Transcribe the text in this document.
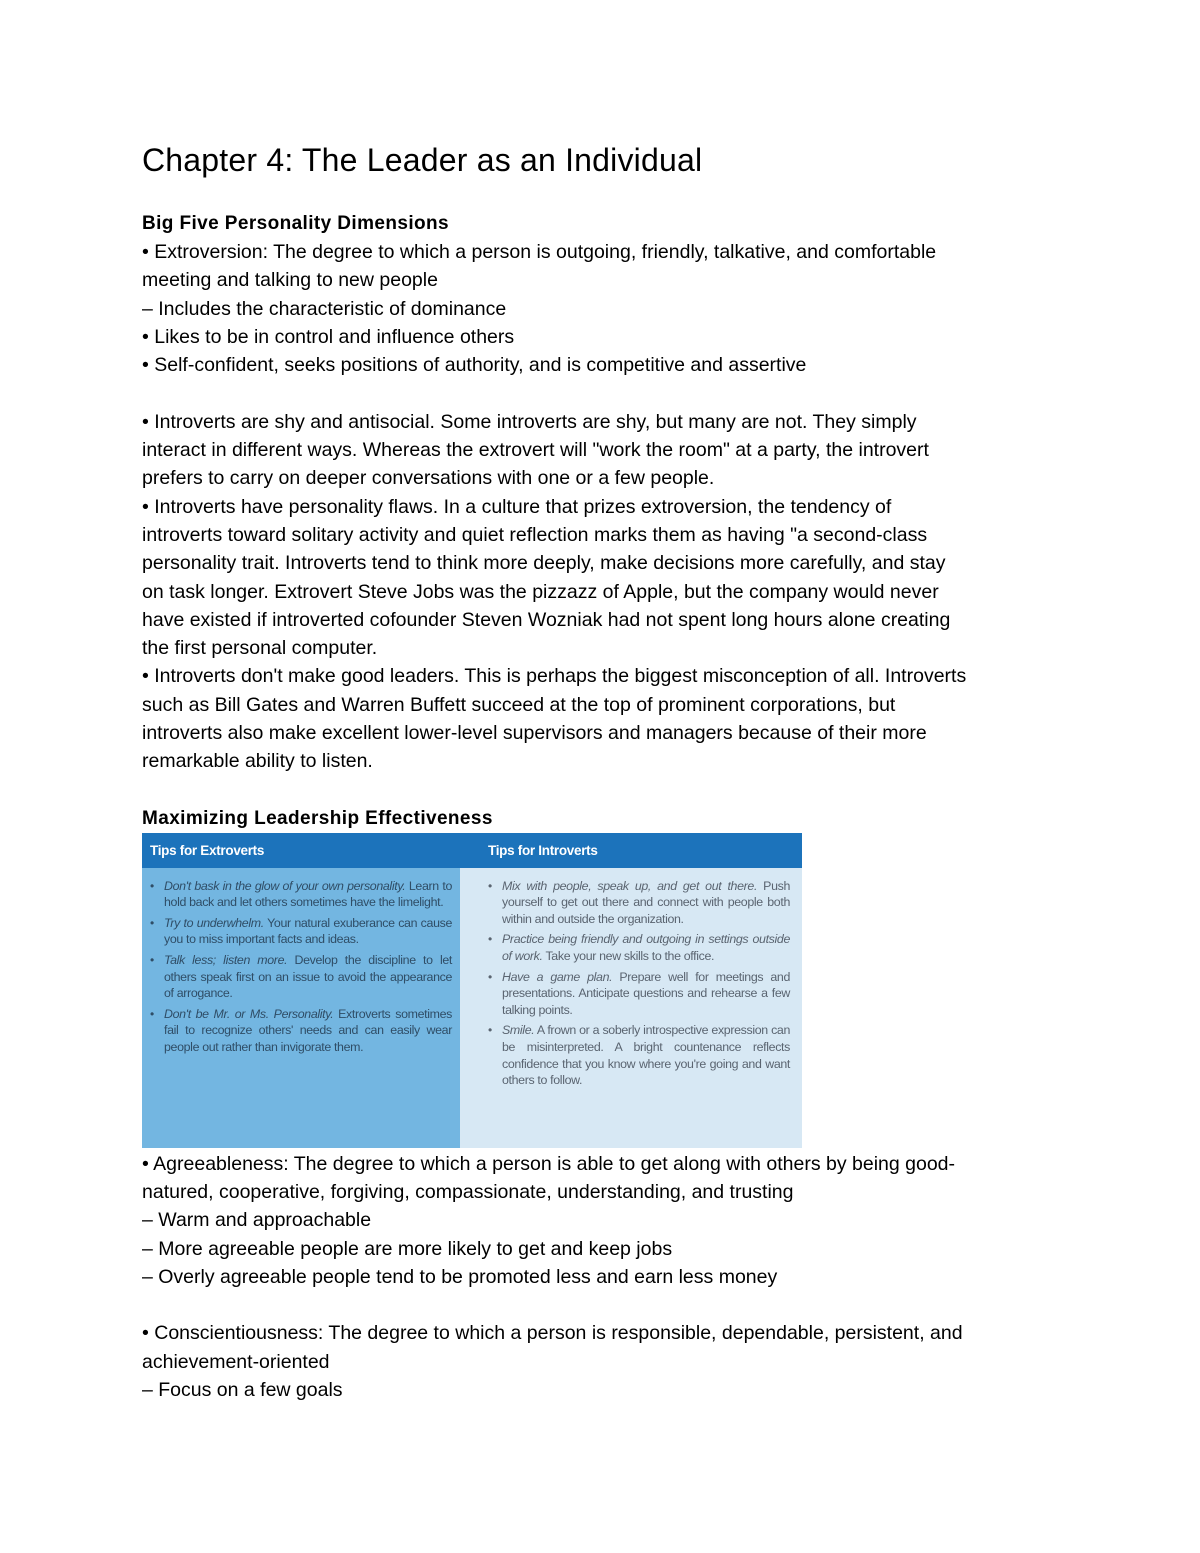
Chapter 4: The Leader as an Individual
Big Five Personality Dimensions

• Extroversion: The degree to which a person is outgoing, friendly, talkative, and comfortable

meeting and talking to new people

– Includes the characteristic of dominance

• Likes to be in control and influence others

• Self-confident, seeks positions of authority, and is competitive and assertive

• Introverts are shy and antisocial. Some introverts are shy, but many are not. They simply

interact in different ways. Whereas the extrovert will "work the room" at a party, the introvert

prefers to carry on deeper conversations with one or a few people.

• Introverts have personality flaws. In a culture that prizes extroversion, the tendency of

introverts toward solitary activity and quiet reflection marks them as having "a second-class

personality trait. Introverts tend to think more deeply, make decisions more carefully, and stay

on task longer. Extrovert Steve Jobs was the pizzazz of Apple, but the company would never

have existed if introverted cofounder Steven Wozniak had not spent long hours alone creating

the first personal computer.

• Introverts don't make good leaders. This is perhaps the biggest misconception of all. Introverts

such as Bill Gates and Warren Buffett succeed at the top of prominent corporations, but

introverts also make excellent lower-level supervisors and managers because of their more

remarkable ability to listen.

Maximizing Leadership Effectiveness
Tips for Extroverts
• Don't bask in the glow of your own personality. Learn to hold back and let others sometimes have the limelight.
• Try to underwhelm. Your natural exuberance can cause you to miss important facts and ideas.
• Talk less; listen more. Develop the discipline to let others speak first on an issue to avoid the appearance of arrogance.
• Don't be Mr. or Ms. Personality. Extroverts sometimes fail to recognize others' needs and can easily wear people out rather than invigorate them.
Tips for Introverts
• Mix with people, speak up, and get out there. Push yourself to get out there and connect with people both within and outside the organization.
• Practice being friendly and outgoing in settings outside of work. Take your new skills to the office.
• Have a game plan. Prepare well for meetings and presentations. Anticipate questions and rehearse a few talking points.
• Smile. A frown or a soberly introspective expression can be misinterpreted. A bright countenance reflects confidence that you know where you're going and want others to follow.

• Agreeableness: The degree to which a person is able to get along with others by being good-

natured, cooperative, forgiving, compassionate, understanding, and trusting

– Warm and approachable

– More agreeable people are more likely to get and keep jobs

– Overly agreeable people tend to be promoted less and earn less money

• Conscientiousness: The degree to which a person is responsible, dependable, persistent, and

achievement-oriented

– Focus on a few goals
